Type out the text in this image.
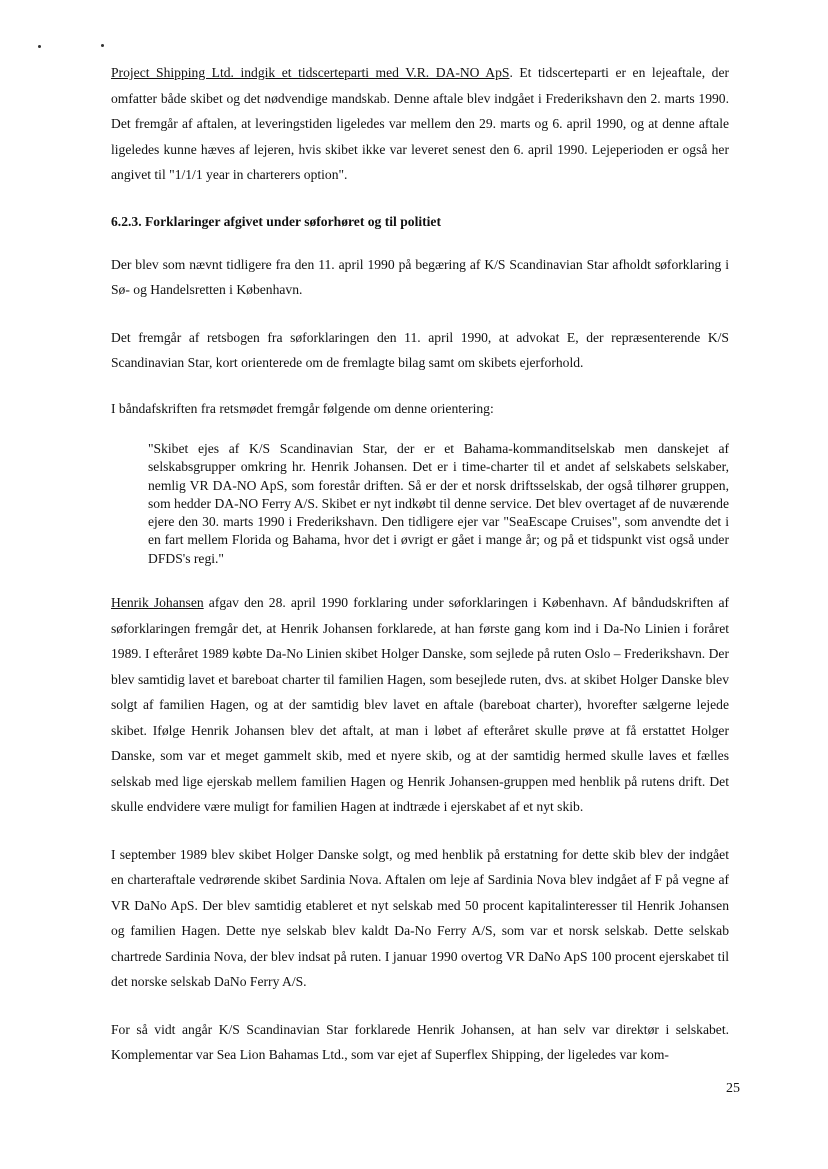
Project Shipping Ltd. indgik et tidscerteparti med V.R. DA-NO ApS. Et tidscerteparti er en lejeaftale, der omfatter både skibet og det nødvendige mandskab. Denne aftale blev indgået i Frederikshavn den 2. marts 1990. Det fremgår af aftalen, at leveringstiden ligeledes var mellem den 29. marts og 6. april 1990, og at denne aftale ligeledes kunne hæves af lejeren, hvis skibet ikke var leveret senest den 6. april 1990. Lejeperioden er også her angivet til "1/1/1 year in charterers option".

6.2.3. Forklaringer afgivet under søforhøret og til politiet

Der blev som nævnt tidligere fra den 11. april 1990 på begæring af K/S Scandinavian Star afholdt søforklaring i Sø- og Handelsretten i København.

Det fremgår af retsbogen fra søforklaringen den 11. april 1990, at advokat E, der repræsenterende K/S Scandinavian Star, kort orienterede om de fremlagte bilag samt om skibets ejerforhold.

I båndafskriften fra retsmødet fremgår følgende om denne orientering:

"Skibet ejes af K/S Scandinavian Star, der er et Bahama-kommanditselskab men danskejet af selskabsgrupper omkring hr. Henrik Johansen. Det er i time-charter til et andet af selskabets selskaber, nemlig VR DA-NO ApS, som forestår driften. Så er der et norsk driftsselskab, der også tilhører gruppen, som hedder DA-NO Ferry A/S. Skibet er nyt indkøbt til denne service. Det blev overtaget af de nuværende ejere den 30. marts 1990 i Frederikshavn. Den tidligere ejer var "SeaEscape Cruises", som anvendte det i en fart mellem Florida og Bahama, hvor det i øvrigt er gået i mange år; og på et tidspunkt vist også under DFDS's regi."

Henrik Johansen afgav den 28. april 1990 forklaring under søforklaringen i København. Af båndudskriften af søforklaringen fremgår det, at Henrik Johansen forklarede, at han første gang kom ind i Da-No Linien i foråret 1989. I efteråret 1989 købte Da-No Linien skibet Holger Danske, som sejlede på ruten Oslo – Frederikshavn. Der blev samtidig lavet et bareboat charter til familien Hagen, som besejlede ruten, dvs. at skibet Holger Danske blev solgt af familien Hagen, og at der samtidig blev lavet en aftale (bareboat charter), hvorefter sælgerne lejede skibet. Ifølge Henrik Johansen blev det aftalt, at man i løbet af efteråret skulle prøve at få erstattet Holger Danske, som var et meget gammelt skib, med et nyere skib, og at der samtidig hermed skulle laves et fælles selskab med lige ejerskab mellem familien Hagen og Henrik Johansen-gruppen med henblik på rutens drift. Det skulle endvidere være muligt for familien Hagen at indtræde i ejerskabet af et nyt skib.

I september 1989 blev skibet Holger Danske solgt, og med henblik på erstatning for dette skib blev der indgået en charteraftale vedrørende skibet Sardinia Nova. Aftalen om leje af Sardinia Nova blev indgået af F på vegne af VR DaNo ApS. Der blev samtidig etableret et nyt selskab med 50 procent kapitalinteresser til Henrik Johansen og familien Hagen. Dette nye selskab blev kaldt Da-No Ferry A/S, som var et norsk selskab. Dette selskab chartrede Sardinia Nova, der blev indsat på ruten. I januar 1990 overtog VR DaNo ApS 100 procent ejerskabet til det norske selskab DaNo Ferry A/S.

For så vidt angår K/S Scandinavian Star forklarede Henrik Johansen, at han selv var direktør i selskabet. Komplementar var Sea Lion Bahamas Ltd., som var ejet af Superflex Shipping, der ligeledes var kom-

25
